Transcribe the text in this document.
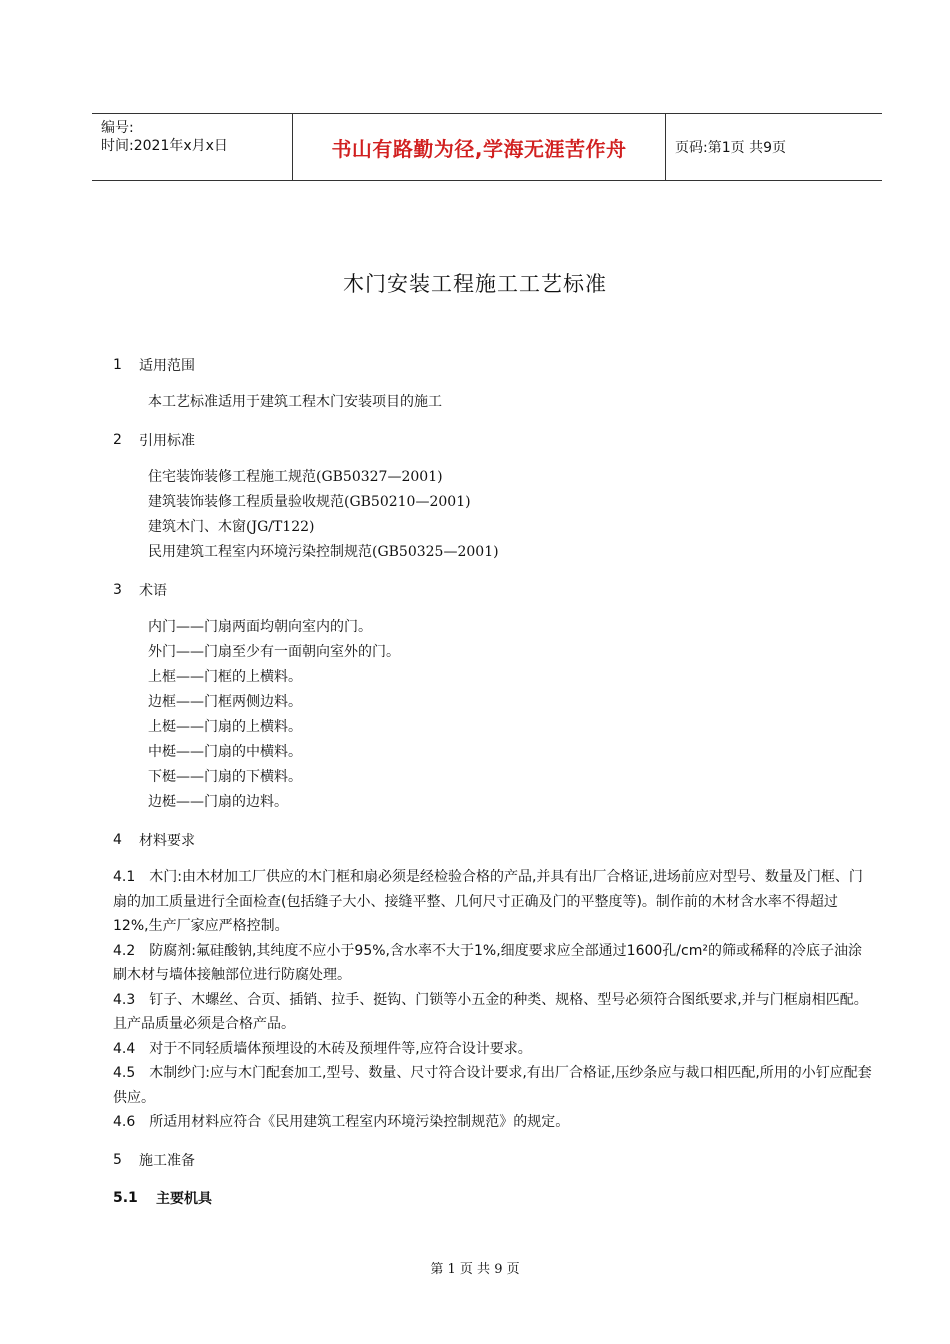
编号:
时间:2021年x月x日	书山有路勤为径,学海无涯苦作舟	页码:第1页 共9页
木门安装工程施工工艺标准
1	适用范围
本工艺标准适用于建筑工程木门安装项目的施工
2	引用标准
住宅装饰装修工程施工规范(GB50327—2001)
建筑装饰装修工程质量验收规范(GB50210—2001)
建筑木门、木窗(JG/T122)
民用建筑工程室内环境污染控制规范(GB50325—2001)
3	术语
内门——门扇两面均朝向室内的门。
外门——门扇至少有一面朝向室外的门。
上框——门框的上横料。
边框——门框两侧边料。
上梃——门扇的上横料。
中梃——门扇的中横料。
下梃——门扇的下横料。
边梃——门扇的边料。
4	材料要求
4.1 木门:由木材加工厂供应的木门框和扇必须是经检验合格的产品,并具有出厂合格证,进场前应对型号、数量及门框、门扇的加工质量进行全面检查(包括缝子大小、接缝平整、几何尺寸正确及门的平整度等)。制作前的木材含水率不得超过12%,生产厂家应严格控制。
4.2 防腐剂:氟硅酸钠,其纯度不应小于95%,含水率不大于1%,细度要求应全部通过1600孔/cm²的筛或稀释的冷底子油涂刷木材与墙体接触部位进行防腐处理。
4.3 钉子、木螺丝、合页、插销、拉手、挺钩、门锁等小五金的种类、规格、型号必须符合图纸要求,并与门框扇相匹配。且产品质量必须是合格产品。
4.4 对于不同轻质墙体预埋设的木砖及预埋件等,应符合设计要求。
4.5 木制纱门:应与木门配套加工,型号、数量、尺寸符合设计要求,有出厂合格证,压纱条应与裁口相匹配,所用的小钉应配套供应。
4.6 所适用材料应符合《民用建筑工程室内环境污染控制规范》的规定。
5	施工准备
5.1	主要机具
第 1 页 共 9 页
